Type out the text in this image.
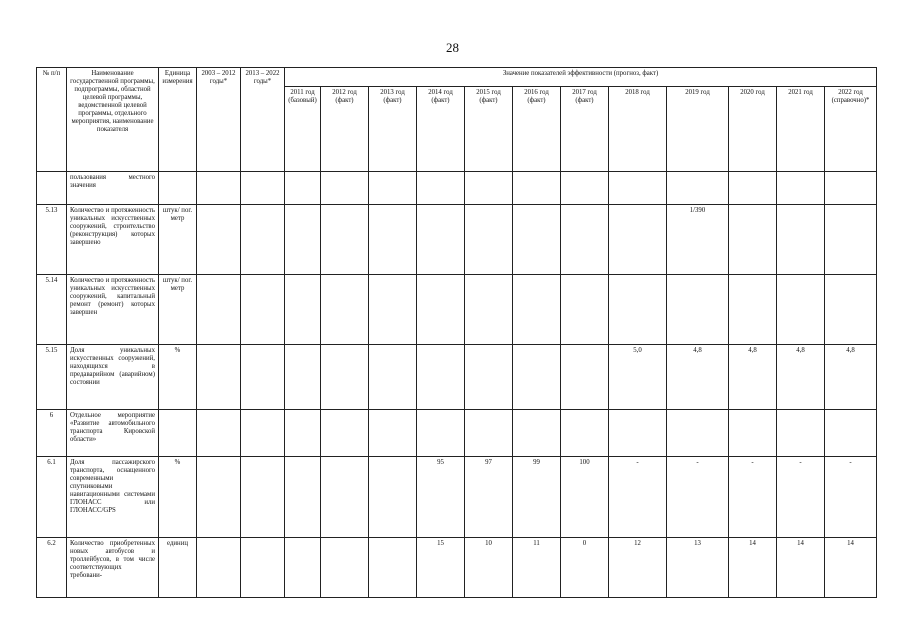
28
№ п/п	Наименование государственной программы, подпрограммы, областной целевой программы, ведомственной целевой программы, отдельного мероприятия, наименование показателя	Единица измерения	2003 – 2012 годы*	2013 – 2022 годы*	Значение показателей эффективности (прогноз, факт)											
					2011 год (базовый)	2012 год (факт)	2013 год (факт)	2014 год (факт)	2015 год (факт)	2016 год (факт)	2017 год (факт)	2018 год	2019 год	2020 год	2021 год	2022 год (справочно)*
	пользования местного значения															
5.13	Количество и протяженность уникальных искусственных сооружений, строительство (реконструкция) которых завершено	штук/ пог. метр											1/390			
5.14	Количество и протяженность уникальных искусственных сооружений, капитальный ремонт (ремонт) которых завершен	штук/ пог. метр														
5.15	Доля уникальных искусственных сооружений, находящихся в предаварийном (аварийном) состоянии	%										5,0	4,8	4,8	4,8	4,8
6	Отдельное мероприятие «Развитие автомобильного транспорта Кировской области»															
6.1	Доля пассажирского транспорта, оснащенного современными спутниковыми навигационными системами ГЛОНАСС или ГЛОНАСС/GPS	%						95	97	99	100	-	-	-	-	-
6.2	Количество приобретенных новых автобусов и троллейбусов, в том числе соответствующих требовани-	единиц						15	10	11	0	12	13	14	14	14
